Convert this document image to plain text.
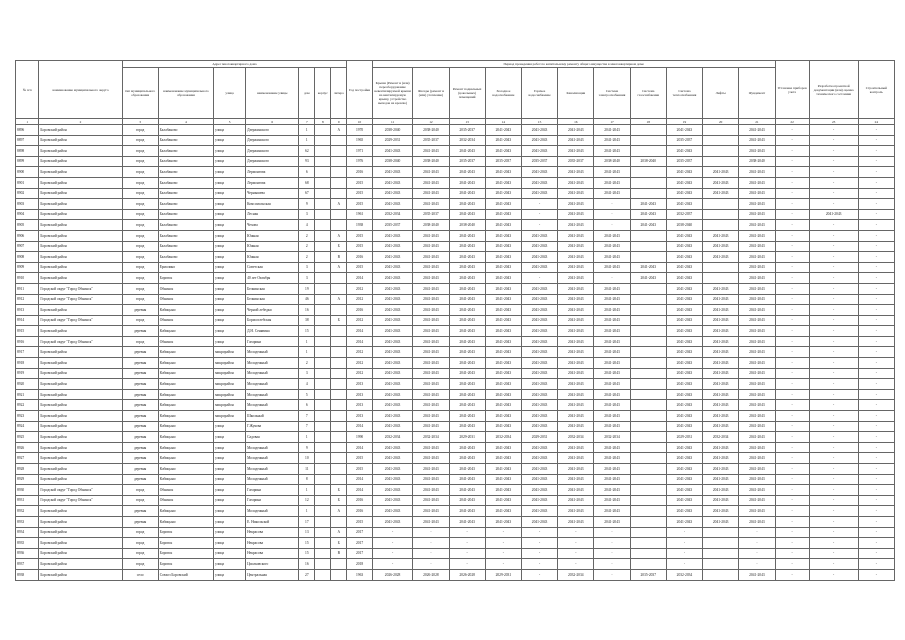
№ п/п	наименование муниципального округа	Адрес многоквартирного дома							Год постройки	Период проведения работ по капитальному ремонту общего имущества в многоквартирном доме											Установка приборов учета	Разработка проектной документации (или) оценка технического состояния	Строительный контроль
		тип муниципального образования	наименование муниципального образования	улица	наименование улицы	дом	корпус	литера		Крыша (Ремонт и (или) переоборудование невентилируемой крыши на вентилируемую крышу, устройство выходов на кровлю)	Фасады (ремонт и (или) утепление)	Ремонт подвальных (цокольных) помещений	Холодное водоснабжение	Горячее водоснабжение	Канализация	Система электроснабжения	Система газоснабжения	Система теплоснабжения	Лифты	Фундамент			
1	2	3	4	5	6	7	8	9	10	11	12	13	14	15	16	17	18	19	20	21	22	23	24
8896	Боровский район	город	Балабаново	улица	Дзержинского	1		А	1970	2038-2040	2038-2040	2035-2037	2041-2043	2041-2043	2041-2043	2041-2043		2041-2043		2041-2043	-	-	-
8897	Боровский район	город	Балабаново	улица	Дзержинского	1			1965	2029-2031	2035-2037	2032-2034	2041-2043	2041-2043	2041-2043	2041-2043		2035-2037		2041-2043	-	-	-
8898	Боровский район	город	Балабаново	улица	Дзержинского	62			1971	2041-2043	2041-2043	2041-2043	2041-2043	2041-2043	2041-2043	2041-2043		2041-2043		2041-2043	-	-	-
8899	Боровский район	город	Балабаново	улица	Дзержинского	93			1976	2038-2040	2038-2040	2035-2037	2035-2037	2035-2037	2035-2037	2038-2040	2038-2040	2035-2037		2038-2040	-	-	-
8900	Боровский район	город	Балабаново	улица	Лермонтова	6			2016	2041-2043	2041-2043	2041-2043	2041-2043	2041-2043	2041-2043	2041-2043		2041-2043	2041-2043	2041-2043	-	-	-
8901	Боровский район	город	Балабаново	улица	Лермонтова	68			2015	2041-2043	2041-2043	2041-2043	2041-2043	2041-2043	2041-2043	2041-2043		2041-2043	2041-2043	2041-2043	-	-	-
8902	Боровский район	город	Балабаново	улица	Чернышева	67			2015	2041-2043	2041-2043	2041-2043	2041-2043	2041-2043	2041-2043	2041-2043		2041-2043	2041-2043	2041-2043	-	-	-
8903	Боровский район	город	Балабаново	улица	Комсомольская	9		А	2015	2041-2043	2041-2043	2041-2043	2041-2043	-	2041-2043	-	2041-2043	2041-2043		2041-2043	-	-	-
8904	Боровский район	город	Балабаново	улица	Лесная	3			1961	2032-2034	2035-2037	2041-2043	2041-2043	-	2041-2043	-	2041-2043	2032-2037		2041-2043	-	2041-2043	-
8905	Боровский район	город	Балабаново	улица	Чехова	4			1938	2035-2037	2038-2040	2038-2040	2041-2043	-	2041-2043	-	2041-2043	2038-2040		2041-2043	-	-	-
8906	Боровский район	город	Балабаново	улица	Южная	2		А	2015	2041-2043	2041-2043	2041-2043	2041-2043	2041-2043	2041-2043	2041-2043		2041-2043	2041-2043	2041-2043	-	-	-
8907	Боровский район	город	Балабаново	улица	Южная	2		Б	2015	2041-2043	2041-2043	2041-2043	2041-2043	2041-2043	2041-2043	2041-2043		2041-2043	2041-2043	2041-2043	-	-	-
8908	Боровский район	город	Балабаново	улица	Южная	2		В	2016	2041-2043	2041-2043	2041-2043	2041-2043	2041-2043	2041-2043	2041-2043		2041-2043	2041-2043	2041-2043	-	-	-
8909	Боровский район	город	Ермолино	улица	Советская	3		А	2015	2041-2043	2041-2043	2041-2043	2041-2043	2041-2043	2041-2043	2041-2043	2041-2043	2041-2043		2041-2043	-	-	-
8910	Боровский район	город	Боровск	улица	40 лет Октября	3			2014	2041-2043	2041-2043	2041-2043	2041-2043	-	2041-2043	-	2041-2043	2041-2043		2041-2043	-	-	-
8911	Городской округ "Город Обнинск"	город	Обнинск	улица	Белкинская	19			2012	2041-2043	2041-2043	2041-2043	2041-2043	2041-2043	2041-2043	2041-2043		2041-2043	2041-2043	2041-2043	-	-	-
8912	Городской округ "Город Обнинск"	город	Обнинск	улица	Белкинская	46		А	2012	2041-2043	2041-2043	2041-2043	2041-2043	2041-2043	2041-2043	2041-2043		2041-2043	2041-2043	2041-2043	-	-	-
8913	Боровский район	деревня	Кабицыно	улица	Черной лебедки	16			2016	2041-2043	2041-2043	2041-2043	2041-2043	2041-2043	2041-2043	2041-2043		2041-2043	2041-2043	2041-2043	-	-	-
8914	Городской округ "Город Обнинск"	город	Обнинск	улица	Борисоглебская	38		Б	2012	2041-2043	2041-2043	2041-2043	2041-2043	2041-2043	2041-2043	2041-2043		2041-2043	2041-2043	2041-2043	-	-	-
8915	Боровский район	деревня	Кабицыно	улица	Д.Н. Сенявина	15			2014	2041-2043	2041-2043	2041-2043	2041-2043	2041-2043	2041-2043	2041-2043		2041-2043	2041-2043	2041-2043	-	-	-
8916	Городской округ "Город Обнинск"	город	Обнинск	улица	Гагарина	1			2014	2041-2043	2041-2043	2041-2043	2041-2043	2041-2043	2041-2043	2041-2043		2041-2043	2041-2043	2041-2043	-	-	-
8917	Боровский район	деревня	Кабицыно	микрорайон	Молодежный	1			2012	2041-2043	2041-2043	2041-2043	2041-2043	2041-2043	2041-2043	2041-2043		2041-2043	2041-2043	2041-2043	-	-	-
8918	Боровский район	деревня	Кабицыно	микрорайон	Молодежный	2			2012	2041-2043	2041-2043	2041-2043	2041-2043	2041-2043	2041-2043	2041-2043		2041-2043	2041-2043	2041-2043	-	-	-
8919	Боровский район	деревня	Кабицыно	микрорайон	Молодежный	3			2012	2041-2043	2041-2043	2041-2043	2041-2043	2041-2043	2041-2043	2041-2043		2041-2043	2041-2043	2041-2043	-	-	-
8920	Боровский район	деревня	Кабицыно	микрорайон	Молодежный	4			2013	2041-2043	2041-2043	2041-2043	2041-2043	2041-2043	2041-2043	2041-2043		2041-2043	2041-2043	2041-2043	-	-	-
8921	Боровский район	деревня	Кабицыно	микрорайон	Молодежный	5			2013	2041-2043	2041-2043	2041-2043	2041-2043	2041-2043	2041-2043	2041-2043		2041-2043	2041-2043	2041-2043	-	-	-
8922	Боровский район	деревня	Кабицыно	микрорайон	Молодежный	6			2013	2041-2043	2041-2043	2041-2043	2041-2043	2041-2043	2041-2043	2041-2043		2041-2043	2041-2043	2041-2043	-	-	-
8923	Боровский район	деревня	Кабицыно	микрорайон	Школьный	7			2013	2041-2043	2041-2043	2041-2043	2041-2043	2041-2043	2041-2043	2041-2043		2041-2043	2041-2043	2041-2043	-	-	-
8924	Боровский район	деревня	Кабицыно	улица	Г.Жукова	7			2014	2041-2043	2041-2043	2041-2043	2041-2043	2041-2043	2041-2043	2041-2043		2041-2043	2041-2043	2041-2043	-	-	-
8925	Боровский район	деревня	Кабицыно	улица	Садовая	1			1990	2032-2034	2032-2034	2029-2031	2032-2034	2029-2031	2032-2034	2032-2034		2029-2031	2032-2034	2041-2043	-	-	-
8926	Боровский район	деревня	Кабицыно	улица	Молодежный	9			2014	2041-2043	2041-2043	2041-2043	2041-2043	2041-2043	2041-2043	2041-2043		2041-2043	2041-2043	2041-2043	-	-	-
8927	Боровский район	деревня	Кабицыно	улица	Молодежный	10			2015	2041-2043	2041-2043	2041-2043	2041-2043	2041-2043	2041-2043	2041-2043		2041-2043	2041-2043	2041-2043	-	-	-
8928	Боровский район	деревня	Кабицыно	улица	Молодежный	11			2015	2041-2043	2041-2043	2041-2043	2041-2043	2041-2043	2041-2043	2041-2043		2041-2043	2041-2043	2041-2043	-	-	-
8929	Боровский район	деревня	Кабицыно	улица	Молодежный	8			2014	2041-2043	2041-2043	2041-2043	2041-2043	2041-2043	2041-2043	2041-2043		2041-2043	2041-2043	2041-2043	-	-	-
8930	Городской округ "Город Обнинск"	город	Обнинск	улица	Гагарина	1		Б	2014	2041-2043	2041-2043	2041-2043	2041-2043	2041-2043	2041-2043	2041-2043		2041-2043	2041-2043	2041-2043	-	-	-
8931	Городской округ "Город Обнинск"	город	Обнинск	улица	Гагарина	12		Б	2016	2041-2043	2041-2043	2041-2043	2041-2043	2041-2043	2041-2043	2041-2043		2041-2043	2041-2043	2041-2043	-	-	-
8932	Боровский район	деревня	Кабицыно	улица	Молодежный	1		А	2016	2041-2043	2041-2043	2041-2043	2041-2043	2041-2043	2041-2043	2041-2043		2041-2043	2041-2043	2041-2043	-	-	-
8933	Боровский район	деревня	Кабицыно	улица	Е. Никольской	17			2015	2041-2043	2041-2043	2041-2043	2041-2043	2041-2043	2041-2043	2041-2043		2041-2043	2041-2043	2041-2043	-	-	-
8934	Боровский район	город	Боровск	улица	Некрасова	13		А	2017	-	-	-	-	-	-	-		-		-	-	-	-
8935	Боровский район	город	Боровск	улица	Некрасова	15		Б	2017	-	-	-	-	-	-	-		-		-	-	-	-
8936	Боровский район	город	Боровск	улица	Некрасова	15		В	2017	-	-	-	-	-	-	-		-		-	-	-	-
8937	Боровский район	город	Боровск	улица	Циолковского	16			2018	-	-	-	-	-	-	-		-		-	-	-	-
8938	Боровский район	село	Совхоз Боровский	улица	Центральная	27			1963	2026-2028	2026-2028	2026-2028	2029-2031	-	2032-2034	-	2035-2037	2032-2034		2041-2043	-	-	-
